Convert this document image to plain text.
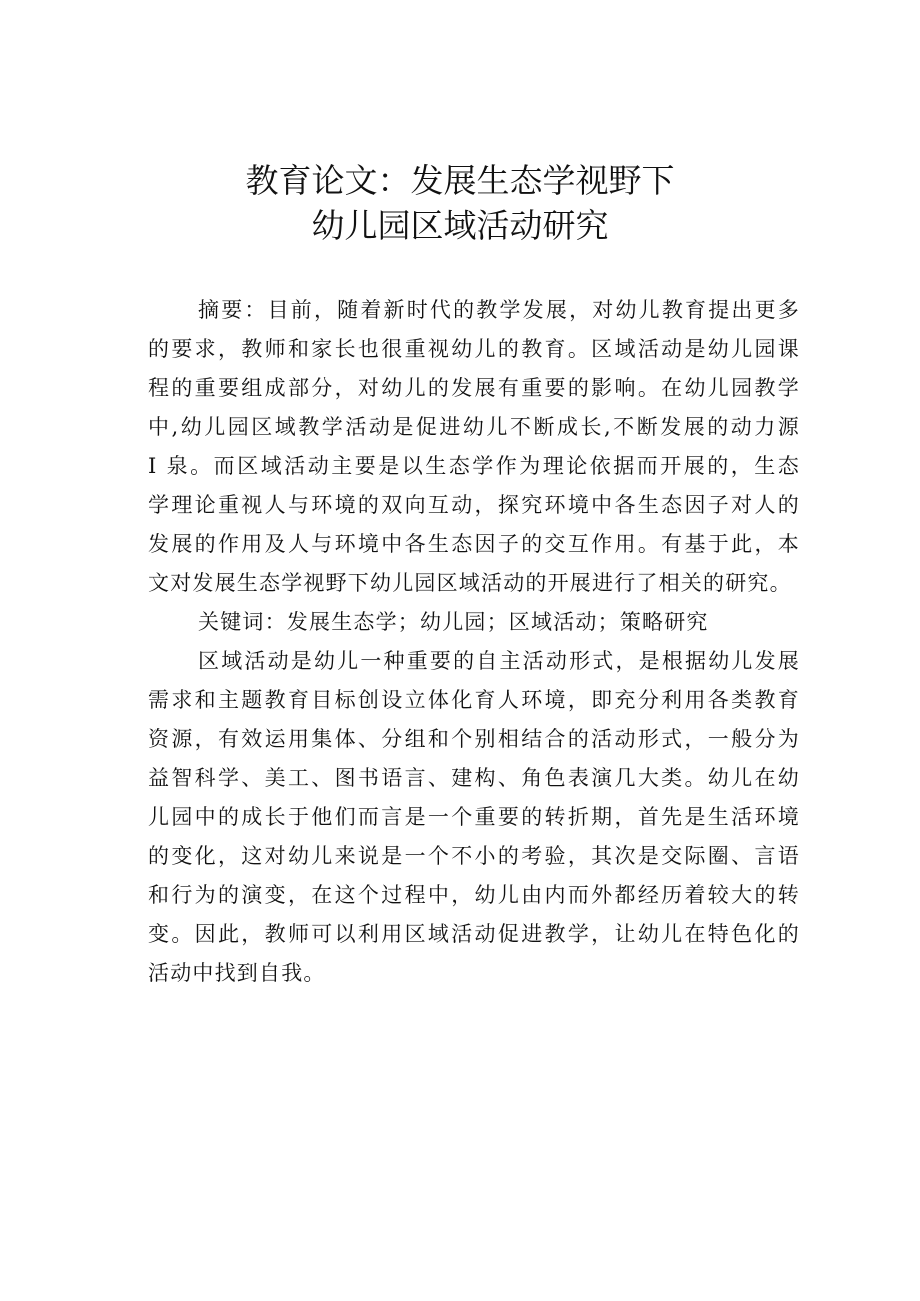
教育论文：发展生态学视野下
幼儿园区域活动研究
摘要：目前，随着新时代的教学发展，对幼儿教育提出更多
的要求，教师和家长也很重视幼儿的教育。区域活动是幼儿园课
程的重要组成部分，对幼儿的发展有重要的影响。在幼儿园教学
中,幼儿园区域教学活动是促进幼儿不断成长,不断发展的动力源
I 泉。而区域活动主要是以生态学作为理论依据而开展的，生态
学理论重视人与环境的双向互动，探究环境中各生态因子对人的
发展的作用及人与环境中各生态因子的交互作用。有基于此，本
文对发展生态学视野下幼儿园区域活动的开展进行了相关的研究。
关键词：发展生态学；幼儿园；区域活动；策略研究
区域活动是幼儿一种重要的自主活动形式，是根据幼儿发展
需求和主题教育目标创设立体化育人环境，即充分利用各类教育
资源，有效运用集体、分组和个别相结合的活动形式，一般分为
益智科学、美工、图书语言、建构、角色表演几大类。幼儿在幼
儿园中的成长于他们而言是一个重要的转折期，首先是生活环境
的变化，这对幼儿来说是一个不小的考验，其次是交际圈、言语
和行为的演变，在这个过程中，幼儿由内而外都经历着较大的转
变。因此，教师可以利用区域活动促进教学，让幼儿在特色化的
活动中找到自我。
